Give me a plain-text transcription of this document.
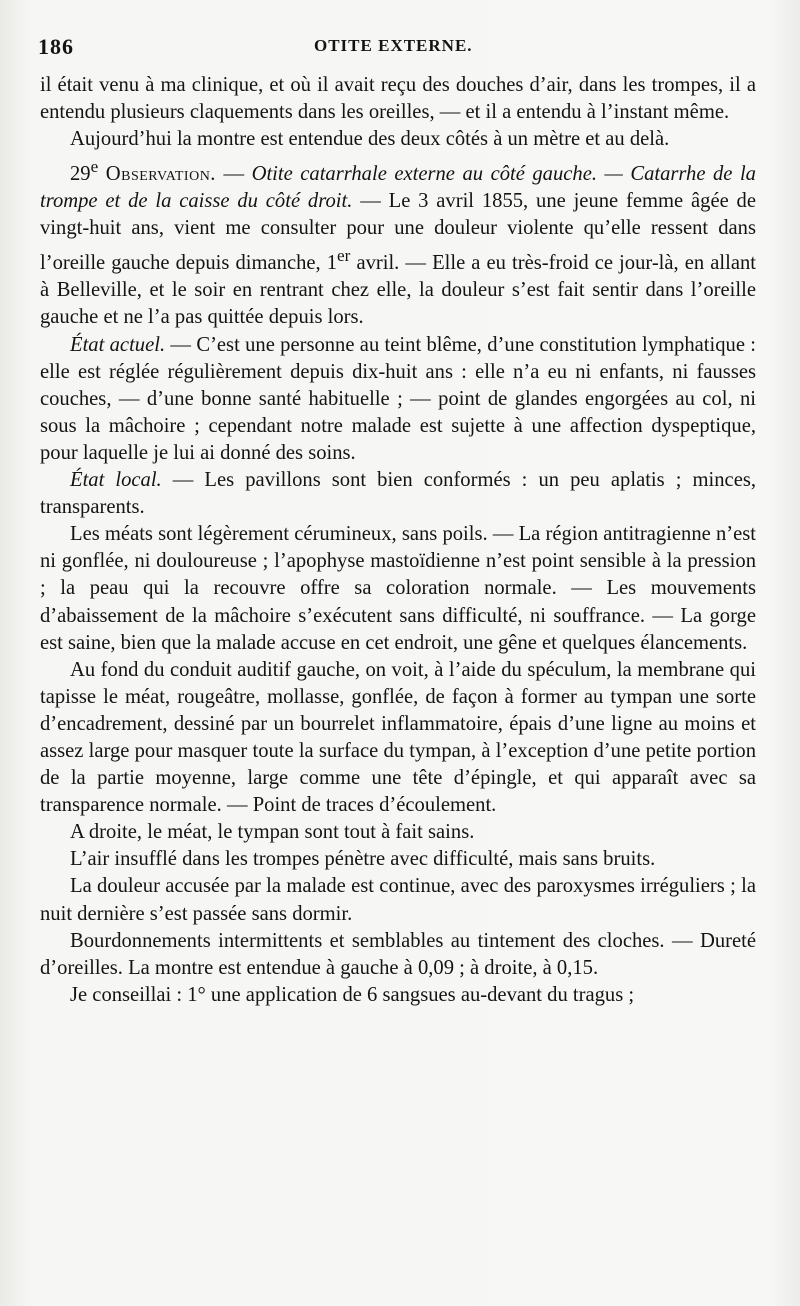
186	OTITE EXTERNE.

il était venu à ma clinique, et où il avait reçu des douches d’air, dans les trompes, il a entendu plusieurs claquements dans les oreilles, — et il a entendu à l’instant même.

Aujourd’hui la montre est entendue des deux côtés à un mètre et au delà.

29e Observation. — Otite catarrhale externe au côté gauche. — Catarrhe de la trompe et de la caisse du côté droit. — Le 3 avril 1855, une jeune femme âgée de vingt-huit ans, vient me consulter pour une douleur violente qu’elle ressent dans l’oreille gauche depuis dimanche, 1er avril. — Elle a eu très-froid ce jour-là, en allant à Belleville, et le soir en rentrant chez elle, la douleur s’est fait sentir dans l’oreille gauche et ne l’a pas quittée depuis lors.

État actuel. — C’est une personne au teint blême, d’une constitution lymphatique : elle est réglée régulièrement depuis dix-huit ans : elle n’a eu ni enfants, ni fausses couches, — d’une bonne santé habituelle ; — point de glandes engorgées au col, ni sous la mâchoire ; cependant notre malade est sujette à une affection dyspeptique, pour laquelle je lui ai donné des soins.

État local. — Les pavillons sont bien conformés : un peu aplatis ; minces, transparents.

Les méats sont légèrement cérumineux, sans poils. — La région antitragienne n’est ni gonflée, ni douloureuse ; l’apophyse mastoïdienne n’est point sensible à la pression ; la peau qui la recouvre offre sa coloration normale. — Les mouvements d’abaissement de la mâchoire s’exécutent sans difficulté, ni souffrance. — La gorge est saine, bien que la malade accuse en cet endroit, une gêne et quelques élancements.

Au fond du conduit auditif gauche, on voit, à l’aide du spéculum, la membrane qui tapisse le méat, rougeâtre, mollasse, gonflée, de façon à former au tympan une sorte d’encadrement, dessiné par un bourrelet inflammatoire, épais d’une ligne au moins et assez large pour masquer toute la surface du tympan, à l’exception d’une petite portion de la partie moyenne, large comme une tête d’épingle, et qui apparaît avec sa transparence normale. — Point de traces d’écoulement.

A droite, le méat, le tympan sont tout à fait sains.

L’air insufflé dans les trompes pénètre avec difficulté, mais sans bruits.

La douleur accusée par la malade est continue, avec des paroxysmes irréguliers ; la nuit dernière s’est passée sans dormir.

Bourdonnements intermittents et semblables au tintement des cloches. — Dureté d’oreilles. La montre est entendue à gauche à 0,09 ; à droite, à 0,15.

Je conseillai : 1° une application de 6 sangsues au-devant du tragus ;
